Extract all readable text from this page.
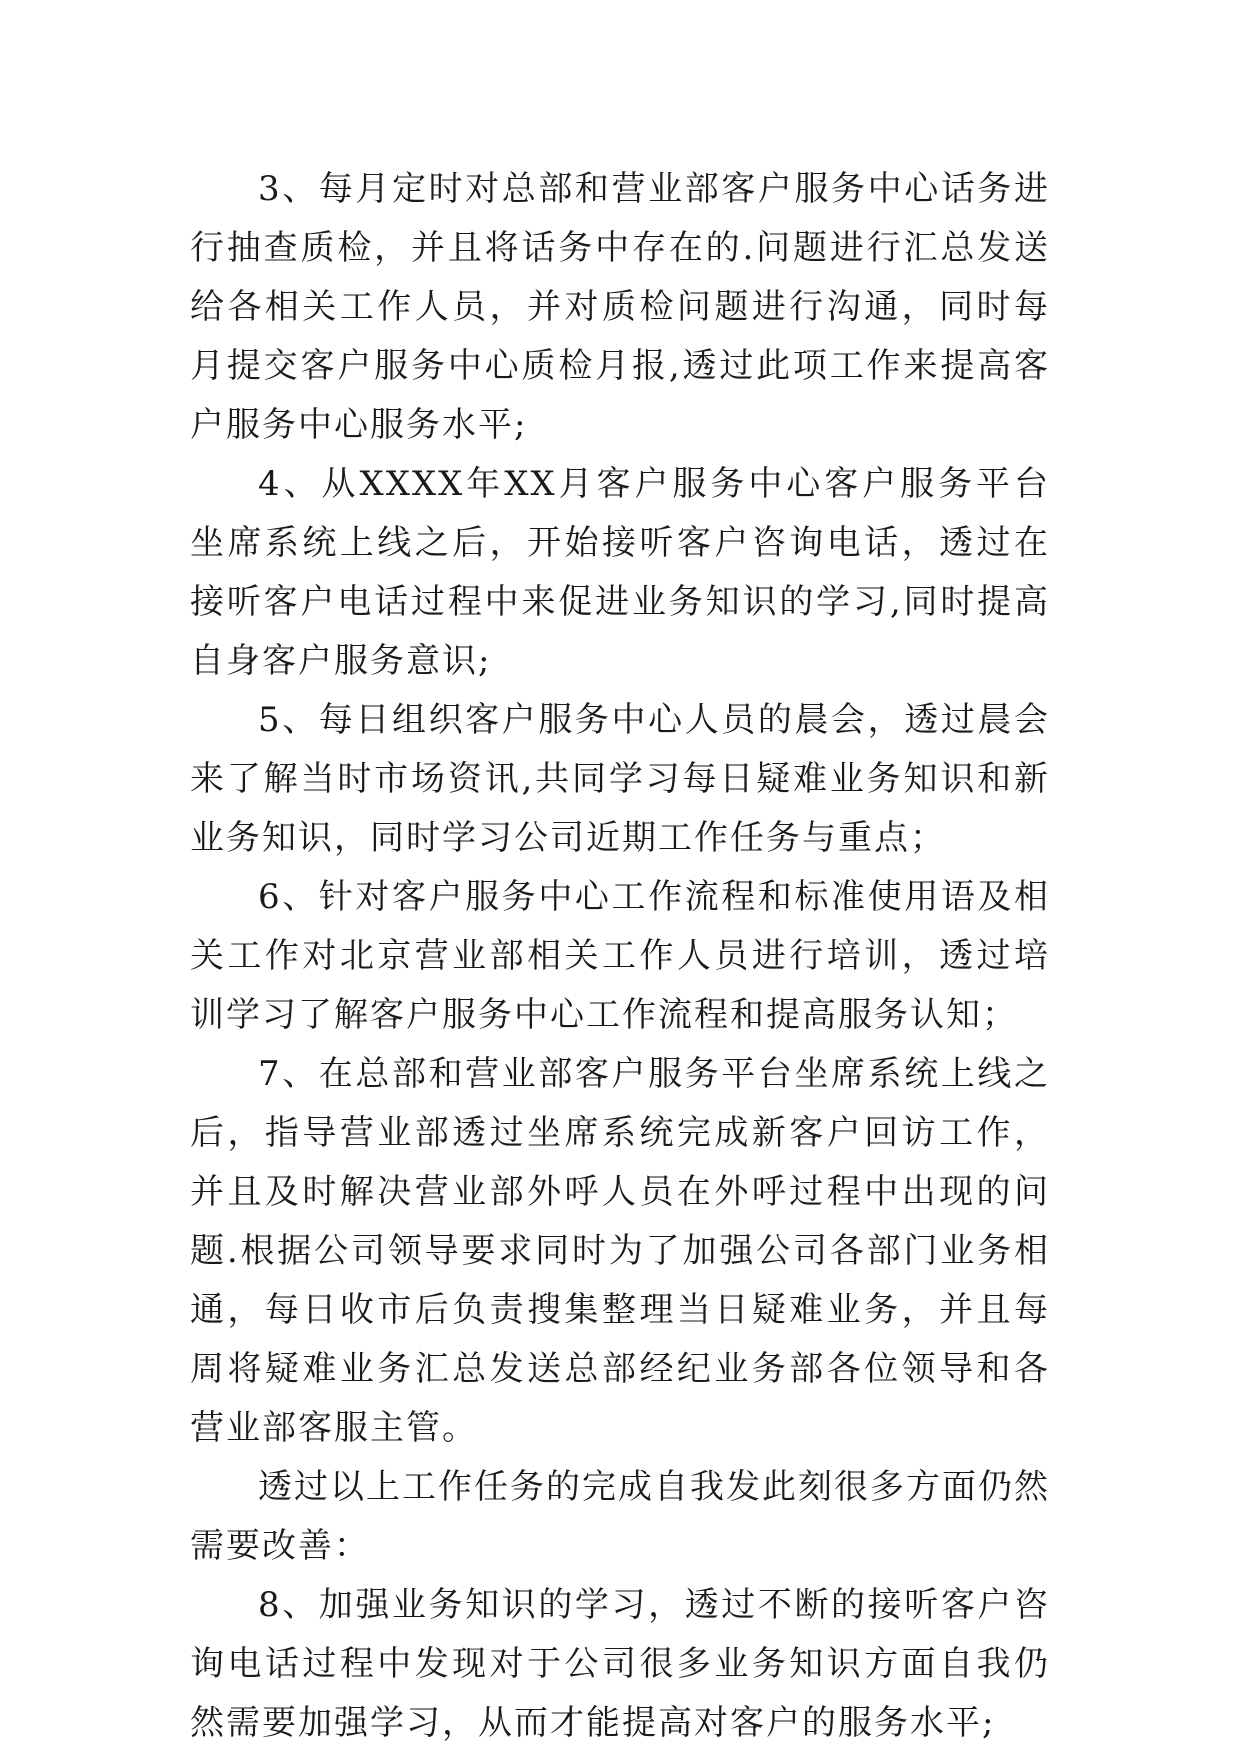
3、每月定时对总部和营业部客户服务中心话务进行抽查质检，并且将话务中存在的.问题进行汇总发送给各相关工作人员，并对质检问题进行沟通，同时每月提交客户服务中心质检月报,透过此项工作来提高客户服务中心服务水平;

4、从XXXX年XX月客户服务中心客户服务平台坐席系统上线之后，开始接听客户咨询电话，透过在接听客户电话过程中来促进业务知识的学习,同时提高自身客户服务意识;

5、每日组织客户服务中心人员的晨会，透过晨会来了解当时市场资讯,共同学习每日疑难业务知识和新业务知识，同时学习公司近期工作任务与重点；

6、针对客户服务中心工作流程和标准使用语及相关工作对北京营业部相关工作人员进行培训，透过培训学习了解客户服务中心工作流程和提高服务认知；

7、在总部和营业部客户服务平台坐席系统上线之后，指导营业部透过坐席系统完成新客户回访工作，并且及时解决营业部外呼人员在外呼过程中出现的问题.根据公司领导要求同时为了加强公司各部门业务相通，每日收市后负责搜集整理当日疑难业务，并且每周将疑难业务汇总发送总部经纪业务部各位领导和各营业部客服主管。

透过以上工作任务的完成自我发此刻很多方面仍然需要改善：

8、加强业务知识的学习，透过不断的接听客户咨询电话过程中发现对于公司很多业务知识方面自我仍然需要加强学习，从而才能提高对客户的服务水平;
